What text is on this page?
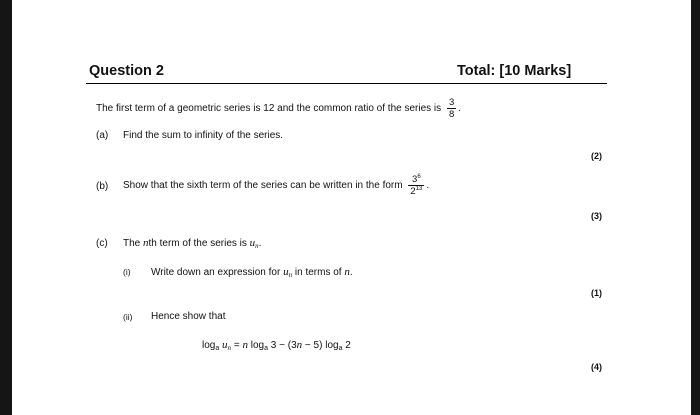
Question 2	Total: [10 Marks]
The first term of a geometric series is 12 and the common ratio of the series is $\frac{3}{8}$ .
(a) Find the sum to infinity of the series.
(2)
(b) Show that the sixth term of the series can be written in the form $\frac{3^6}{2^{13}}$ .
(3)
(c) The nth term of the series is $u_n$.
(i) Write down an expression for $u_n$ in terms of n.
(1)
(ii) Hence show that
$\log_a u_n = n$ $\log_a 3 - (3n - 5)$ $\log_a 2$
(4)
